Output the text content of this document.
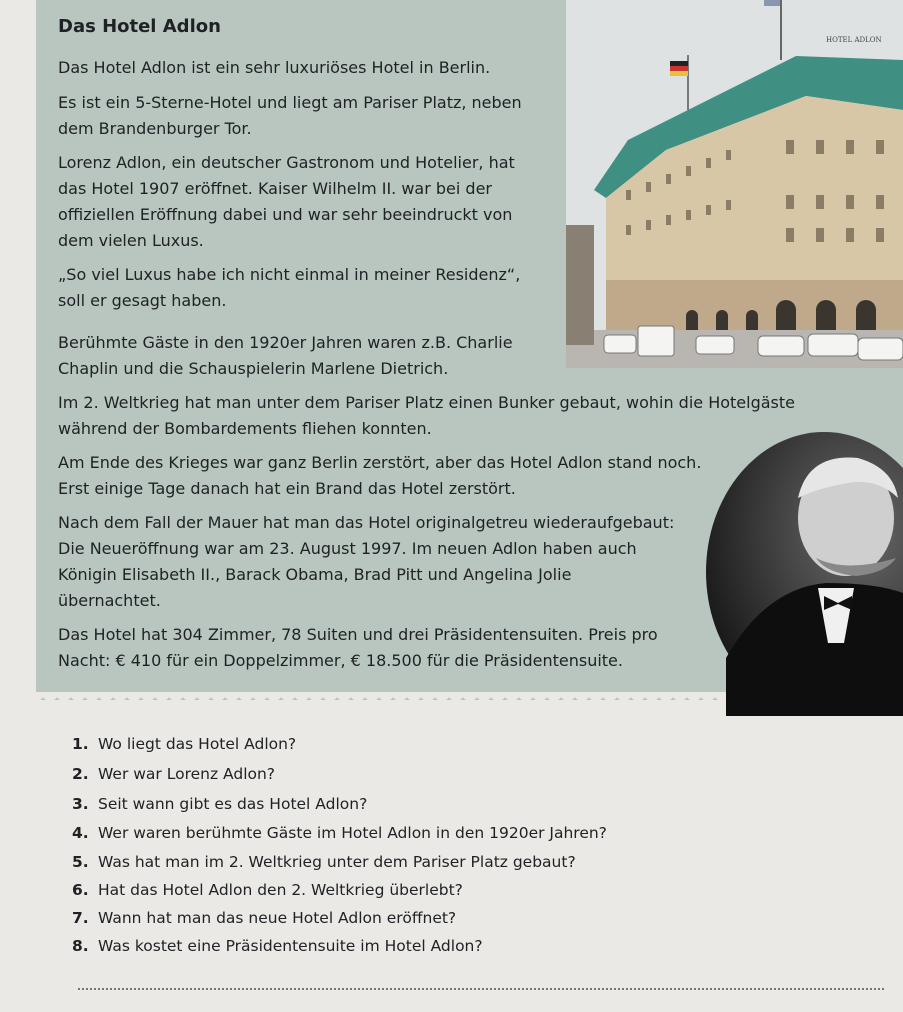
HOTEL ADLON
Das Hotel Adlon
Das Hotel Adlon ist ein sehr luxuriöses Hotel in Berlin.
Es ist ein 5-Sterne-Hotel und liegt am Pariser Platz, neben
dem Brandenburger Tor.
Lorenz Adlon, ein deutscher Gastronom und Hotelier, hat
das Hotel 1907 eröffnet. Kaiser Wilhelm II. war bei der
offiziellen Eröffnung dabei und war sehr beeindruckt von
dem vielen Luxus.
„So viel Luxus habe ich nicht einmal in meiner Residenz“,
soll er gesagt haben.
Berühmte Gäste in den 1920er Jahren waren z.B. Charlie
Chaplin und die Schauspielerin Marlene Dietrich.
Im 2. Weltkrieg hat man unter dem Pariser Platz einen Bunker gebaut, wohin die Hotelgäste
während der Bombardements fliehen konnten.
Am Ende des Krieges war ganz Berlin zerstört, aber das Hotel Adlon stand noch.
Erst einige Tage danach hat ein Brand das Hotel zerstört.
Nach dem Fall der Mauer hat man das Hotel originalgetreu wiederaufgebaut:
Die Neueröffnung war am 23. August 1997. Im neuen Adlon haben auch
Königin Elisabeth II., Barack Obama, Brad Pitt und Angelina Jolie
übernachtet.
Das Hotel hat 304 Zimmer, 78 Suiten und drei Präsidentensuiten. Preis pro
Nacht: € 410 für ein Doppelzimmer, € 18.500 für die Präsidentensuite.
1. Wo liegt das Hotel Adlon?
2. Wer war Lorenz Adlon?
3. Seit wann gibt es das Hotel Adlon?
4. Wer waren berühmte Gäste im Hotel Adlon in den 1920er Jahren?
5. Was hat man im 2. Weltkrieg unter dem Pariser Platz gebaut?
6. Hat das Hotel Adlon den 2. Weltkrieg überlebt?
7. Wann hat man das neue Hotel Adlon eröffnet?
8. Was kostet eine Präsidentensuite im Hotel Adlon?
